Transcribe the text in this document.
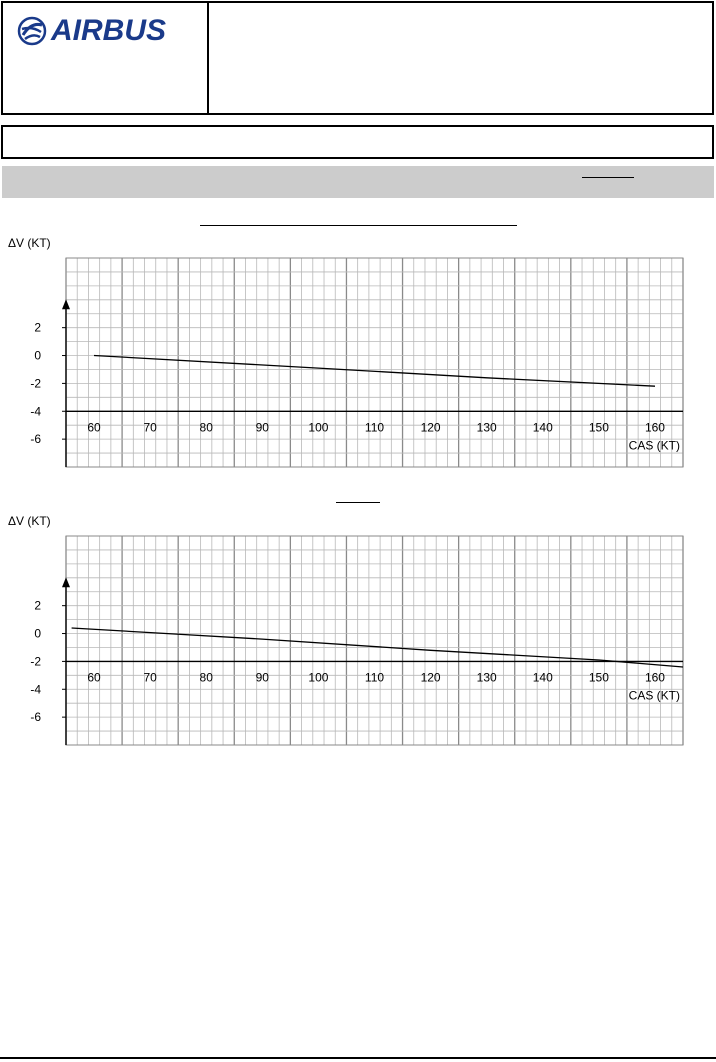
AIRBUS
ΔV (KT)
2
0
-2
-4
-6
60	70	80	90	100	110	120	130	140	150	160
CAS (KT)
ΔV (KT)
2
0
-2
-4
-6
60	70	80	90	100	110	120	130	140	150	160
CAS (KT)
